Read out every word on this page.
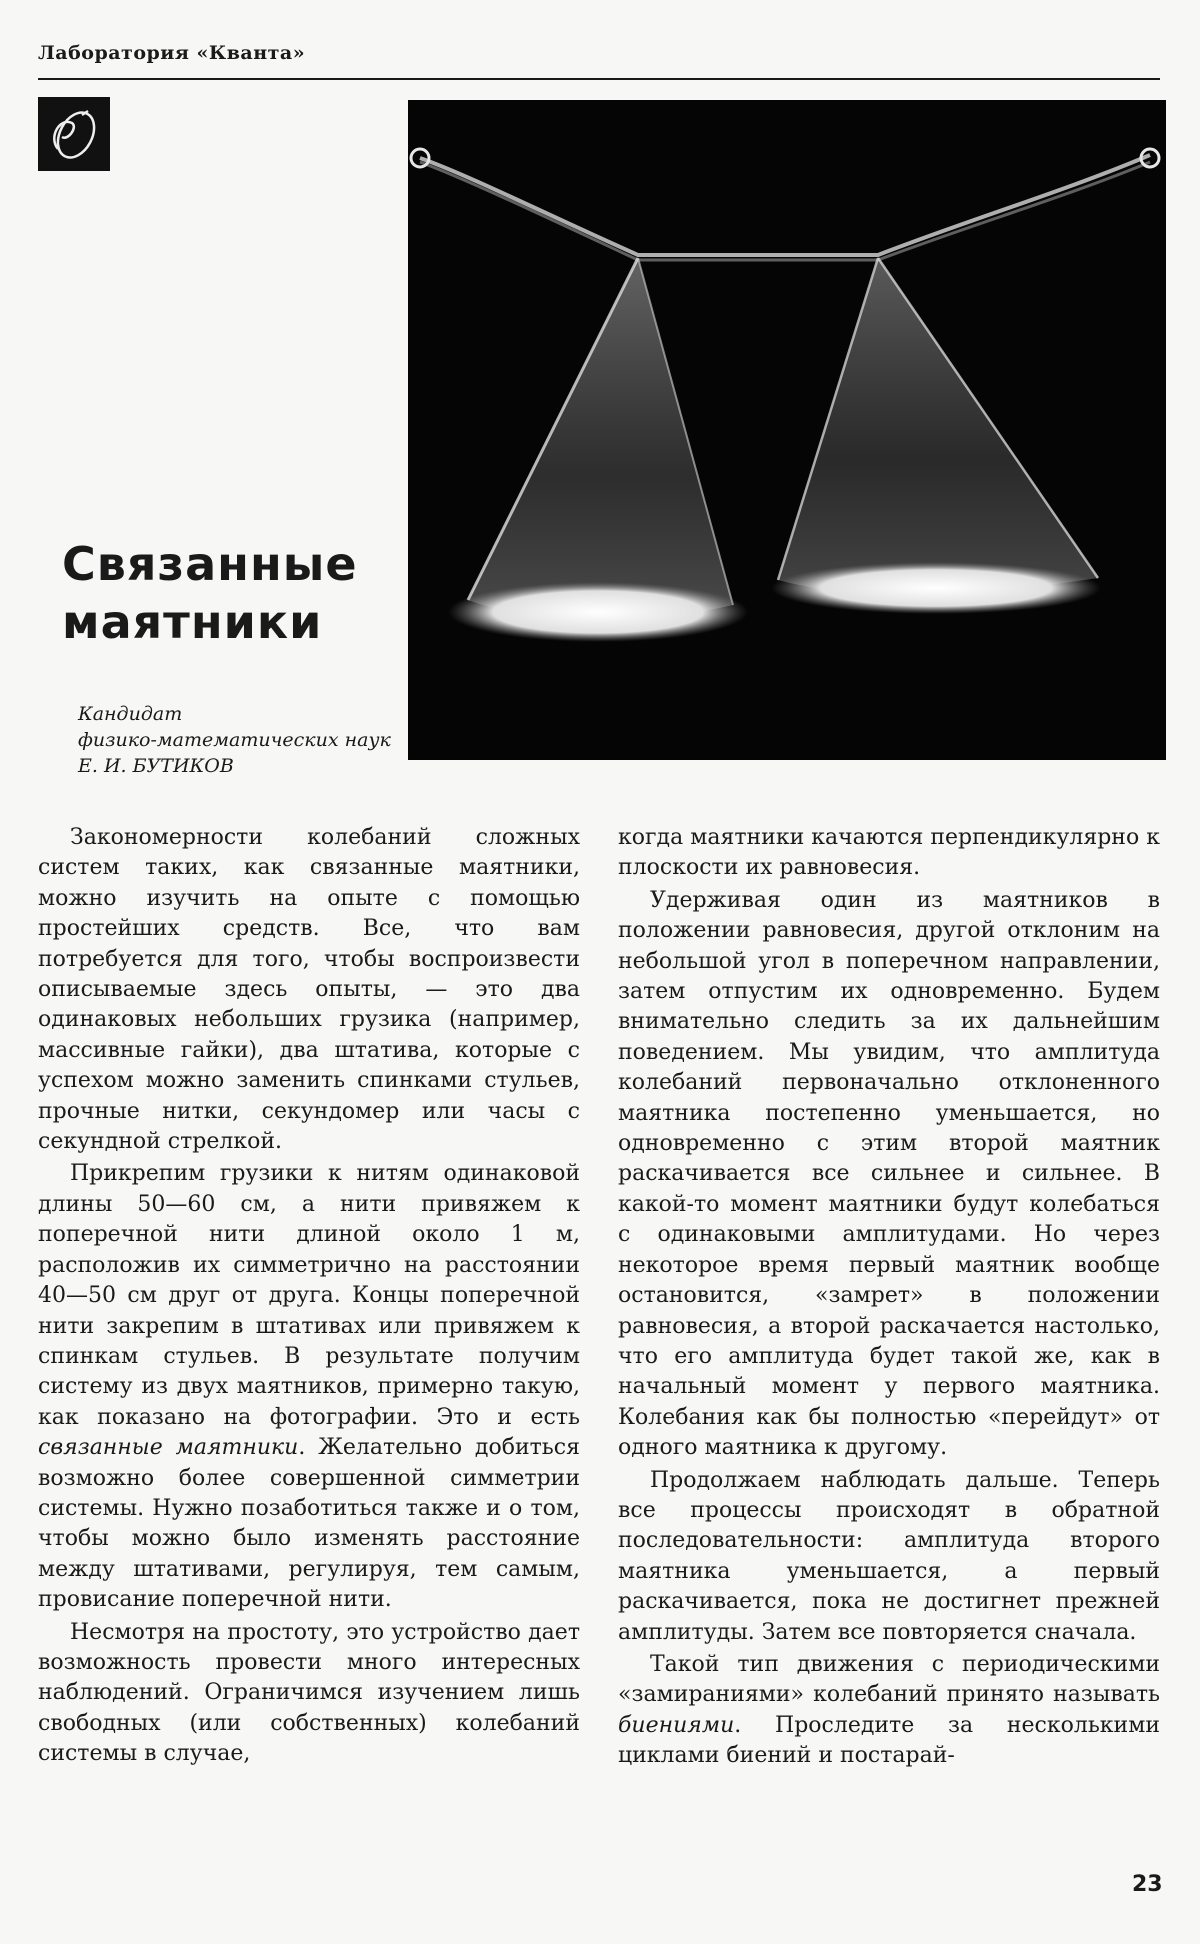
Лаборатория «Кванта»
Связанные
маятники
Кандидат
физико-математических наук
Е. И. БУТИКОВ

Закономерности колебаний сложных систем таких, как связанные маятники, можно изучить на опыте с помощью простейших средств. Все, что вам потребуется для того, чтобы воспроизвести описываемые здесь опыты, — это два одинаковых небольших грузика (например, массивные гайки), два штатива, которые с успехом можно заменить спинками стульев, прочные нитки, секундомер или часы с секундной стрелкой.

Прикрепим грузики к нитям одинаковой длины 50—60 см, а нити привяжем к поперечной нити длиной около 1 м, расположив их симметрично на расстоянии 40—50 см друг от друга. Концы поперечной нити закрепим в штативах или привяжем к спинкам стульев. В результате получим систему из двух маятников, примерно такую, как показано на фотографии. Это и есть связанные маятники. Желательно добиться возможно более совершенной симметрии системы. Нужно позаботиться также и о том, чтобы можно было изменять расстояние между штативами, регулируя, тем самым, провисание поперечной нити.

Несмотря на простоту, это устройство дает возможность провести много интересных наблюдений. Ограничимся изучением лишь свободных (или собственных) колебаний системы в случае,

когда маятники качаются перпендикулярно к плоскости их равновесия.

Удерживая один из маятников в положении равновесия, другой отклоним на небольшой угол в поперечном направлении, затем отпустим их одновременно. Будем внимательно следить за их дальнейшим поведением. Мы увидим, что амплитуда колебаний первоначально отклоненного маятника постепенно уменьшается, но одновременно с этим второй маятник раскачивается все сильнее и сильнее. В какой-то момент маятники будут колебаться с одинаковыми амплитудами. Но через некоторое время первый маятник вообще остановится, «замрет» в положении равновесия, а второй раскачается настолько, что его амплитуда будет такой же, как в начальный момент у первого маятника. Колебания как бы полностью «перейдут» от одного маятника к другому.

Продолжаем наблюдать дальше. Теперь все процессы происходят в обратной последовательности: амплитуда второго маятника уменьшается, а первый раскачивается, пока не достигнет прежней амплитуды. Затем все повторяется сначала.

Такой тип движения с периодическими «замираниями» колебаний принято называть биениями. Проследите за несколькими циклами биений и постарай-

23
